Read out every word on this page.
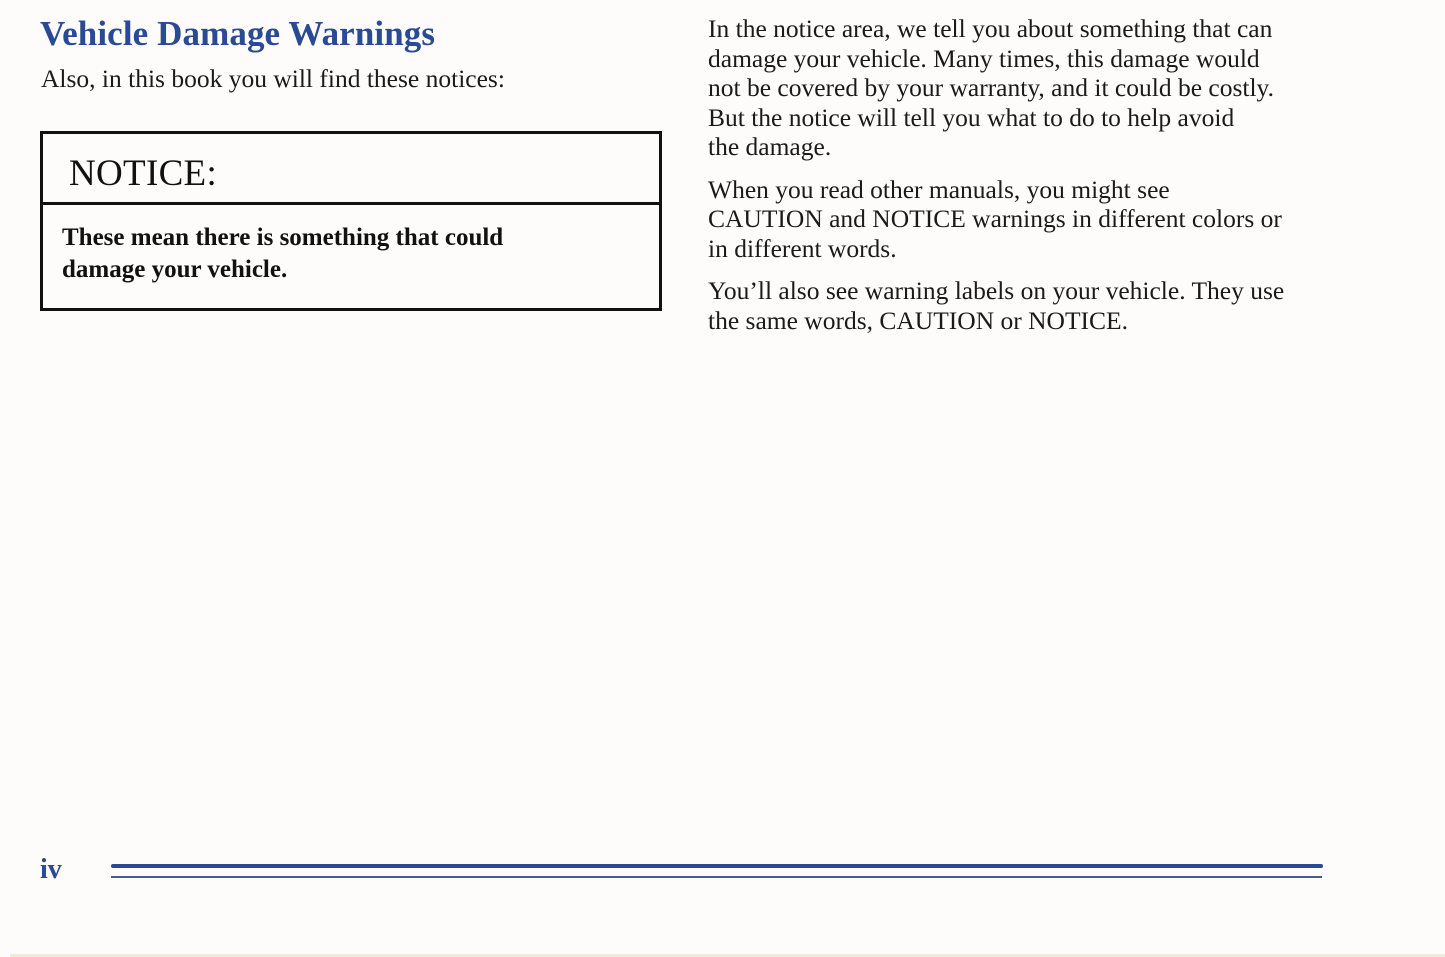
Vehicle Damage Warnings
Also, in this book you will find these notices:
NOTICE:
These mean there is something that could
damage your vehicle.

In the notice area, we tell you about something that can
damage your vehicle. Many times, this damage would
not be covered by your warranty, and it could be costly.
But the notice will tell you what to do to help avoid
the damage.

When you read other manuals, you might see
CAUTION and NOTICE warnings in different colors or
in different words.

You’ll also see warning labels on your vehicle. They use
the same words, CAUTION or NOTICE.

iv
